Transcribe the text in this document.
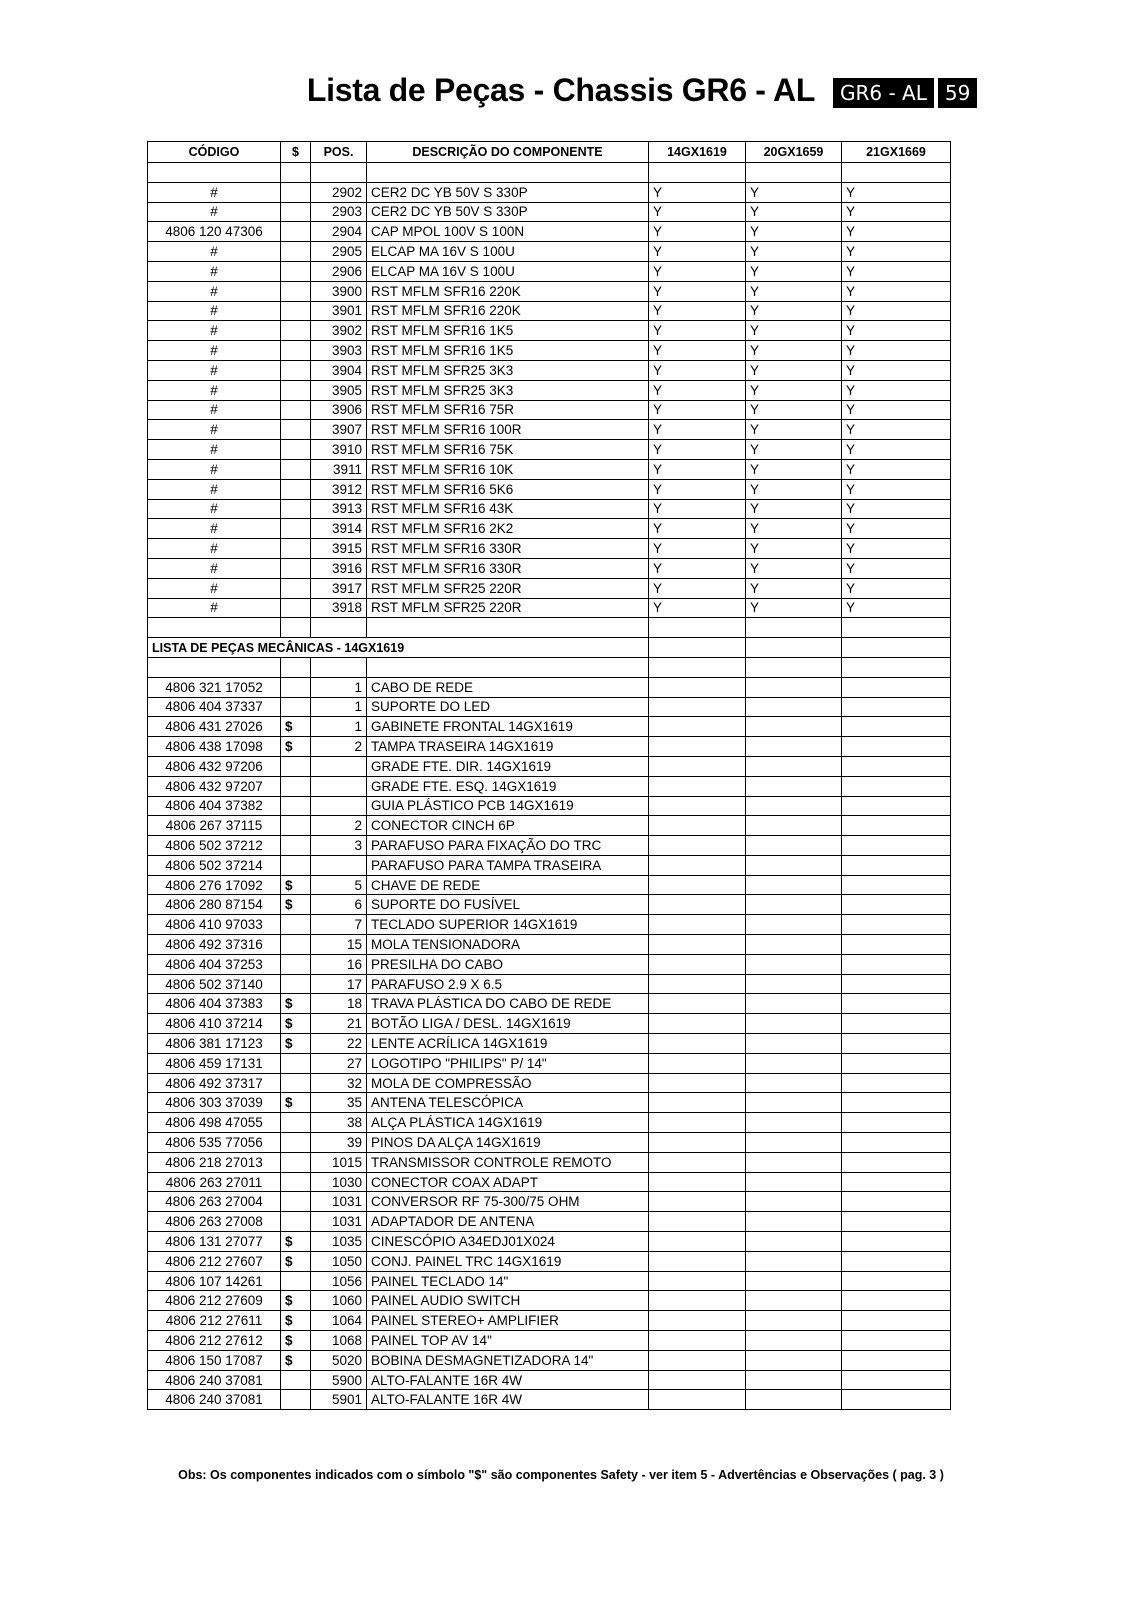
Lista de Peças - Chassis GR6 - AL	GR6 - AL 59
CÓDIGO	$	POS.	DESCRIÇÃO DO COMPONENTE	14GX1619	20GX1659	21GX1669

#		2902	CER2 DC YB 50V S 330P	Y	Y	Y
#		2903	CER2 DC YB 50V S 330P	Y	Y	Y
4806 120 47306		2904	CAP MPOL 100V S 100N	Y	Y	Y
#		2905	ELCAP MA 16V S 100U	Y	Y	Y
#		2906	ELCAP MA 16V S 100U	Y	Y	Y
#		3900	RST MFLM SFR16 220K	Y	Y	Y
#		3901	RST MFLM SFR16 220K	Y	Y	Y
#		3902	RST MFLM SFR16 1K5	Y	Y	Y
#		3903	RST MFLM SFR16 1K5	Y	Y	Y
#		3904	RST MFLM SFR25 3K3	Y	Y	Y
#		3905	RST MFLM SFR25 3K3	Y	Y	Y
#		3906	RST MFLM SFR16 75R	Y	Y	Y
#		3907	RST MFLM SFR16 100R	Y	Y	Y
#		3910	RST MFLM SFR16 75K	Y	Y	Y
#		3911	RST MFLM SFR16 10K	Y	Y	Y
#		3912	RST MFLM SFR16 5K6	Y	Y	Y
#		3913	RST MFLM SFR16 43K	Y	Y	Y
#		3914	RST MFLM SFR16 2K2	Y	Y	Y
#		3915	RST MFLM SFR16 330R	Y	Y	Y
#		3916	RST MFLM SFR16 330R	Y	Y	Y
#		3917	RST MFLM SFR25 220R	Y	Y	Y
#		3918	RST MFLM SFR25 220R	Y	Y	Y

LISTA DE PEÇAS MECÂNICAS - 14GX1619						

4806 321 17052		1	CABO DE REDE			
4806 404 37337		1	SUPORTE DO LED			
4806 431 27026	$	1	GABINETE FRONTAL 14GX1619			
4806 438 17098	$	2	TAMPA TRASEIRA 14GX1619			
4806 432 97206			GRADE FTE. DIR. 14GX1619			
4806 432 97207			GRADE FTE. ESQ. 14GX1619			
4806 404 37382			GUIA PLÁSTICO PCB 14GX1619			
4806 267 37115		2	CONECTOR CINCH 6P			
4806 502 37212		3	PARAFUSO PARA FIXAÇÃO DO TRC			
4806 502 37214			PARAFUSO PARA TAMPA TRASEIRA			
4806 276 17092	$	5	CHAVE DE REDE			
4806 280 87154	$	6	SUPORTE DO FUSÍVEL			
4806 410 97033		7	TECLADO SUPERIOR 14GX1619			
4806 492 37316		15	MOLA TENSIONADORA			
4806 404 37253		16	PRESILHA DO CABO			
4806 502 37140		17	PARAFUSO 2.9 X 6.5			
4806 404 37383	$	18	TRAVA PLÁSTICA DO CABO DE REDE			
4806 410 37214	$	21	BOTÃO LIGA / DESL. 14GX1619			
4806 381 17123	$	22	LENTE ACRÍLICA 14GX1619			
4806 459 17131		27	LOGOTIPO "PHILIPS" P/ 14"			
4806 492 37317		32	MOLA DE COMPRESSÃO			
4806 303 37039	$	35	ANTENA TELESCÓPICA			
4806 498 47055		38	ALÇA PLÁSTICA 14GX1619			
4806 535 77056		39	PINOS DA ALÇA 14GX1619			
4806 218 27013		1015	TRANSMISSOR CONTROLE REMOTO			
4806 263 27011		1030	CONECTOR COAX ADAPT			
4806 263 27004		1031	CONVERSOR RF 75-300/75 OHM			
4806 263 27008		1031	ADAPTADOR DE ANTENA			
4806 131 27077	$	1035	CINESCÓPIO A34EDJ01X024			
4806 212 27607	$	1050	CONJ. PAINEL TRC 14GX1619			
4806 107 14261		1056	PAINEL TECLADO 14"			
4806 212 27609	$	1060	PAINEL AUDIO SWITCH			
4806 212 27611	$	1064	PAINEL STEREO+ AMPLIFIER			
4806 212 27612	$	1068	PAINEL TOP AV 14"			
4806 150 17087	$	5020	BOBINA DESMAGNETIZADORA 14"			
4806 240 37081		5900	ALTO-FALANTE 16R 4W			
4806 240 37081		5901	ALTO-FALANTE 16R 4W			
Obs: Os componentes indicados com o símbolo "$" são componentes Safety - ver item 5 - Advertências e Observações ( pag. 3 )
